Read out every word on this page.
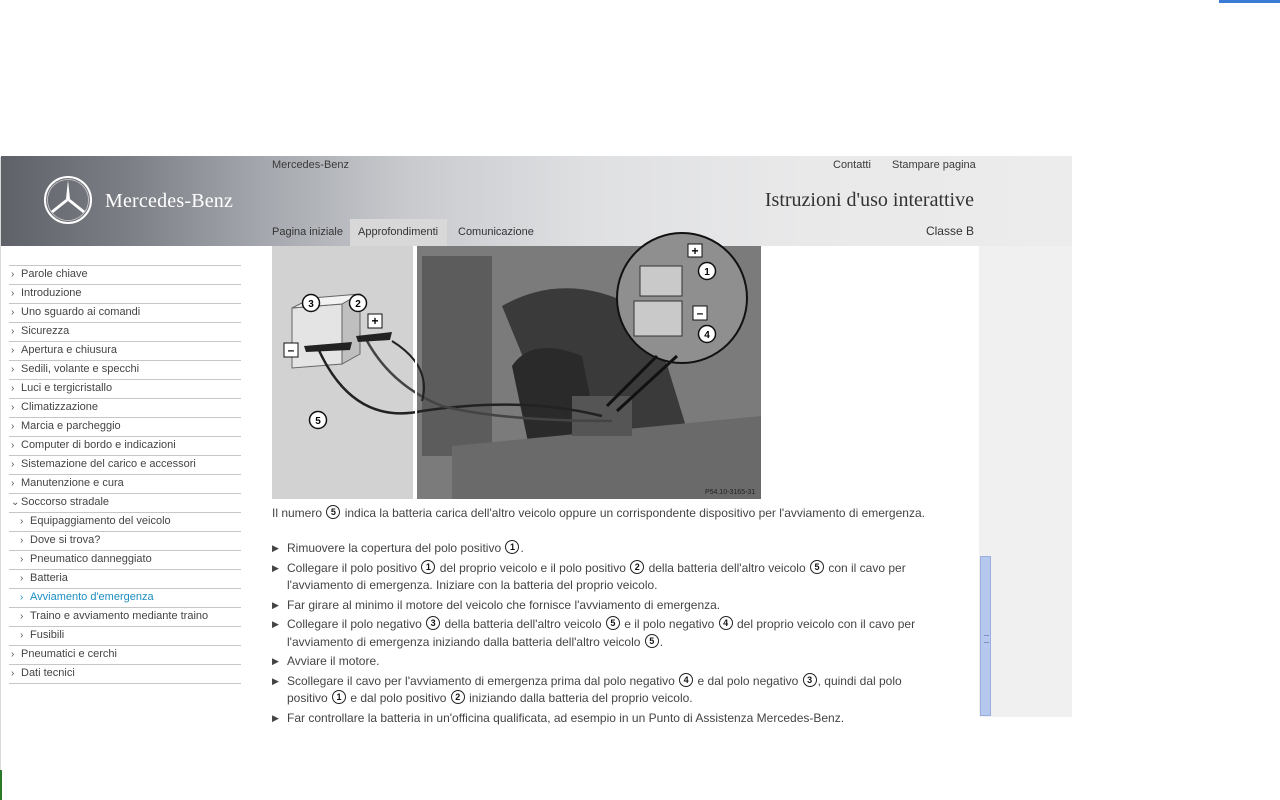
Mercedes-Benz
Mercedes-Benz	Contatti Stampare pagina
Istruzioni d'uso interattive
Classe B
Pagina iniziale	Approfondimenti	Comunicazione
› Parole chiave
› Introduzione
› Uno sguardo ai comandi
› Sicurezza
› Apertura e chiusura
› Sedili, volante e specchi
› Luci e tergicristallo
› Climatizzazione
› Marcia e parcheggio
› Computer di bordo e indicazioni
› Sistemazione del carico e accessori
› Manutenzione e cura
⌄ Soccorso stradale
› Equipaggiamento del veicolo
› Dove si trova?
› Pneumatico danneggiato
› Batteria
› Avviamento d'emergenza
› Traino e avviamento mediante traino
› Fusibili
› Pneumatici e cerchi
› Dati tecnici
P54.10-3165-31
1
2
3
4
5
+
–
+
–
Il numero 5 indica la batteria carica dell'altro veicolo oppure un corrispondente dispositivo per l'avviamento di emergenza.
▶ Rimuovere la copertura del polo positivo 1 .
▶ Collegare il polo positivo 1 del proprio veicolo e il polo positivo 2 della batteria dell'altro veicolo 5 con il cavo per l'avviamento di emergenza. Iniziare con la batteria del proprio veicolo.
▶ Far girare al minimo il motore del veicolo che fornisce l'avviamento di emergenza.
▶ Collegare il polo negativo 3 della batteria dell'altro veicolo 5 e il polo negativo 4 del proprio veicolo con il cavo per l'avviamento di emergenza iniziando dalla batteria dell'altro veicolo 5 .
▶ Avviare il motore.
▶ Scollegare il cavo per l'avviamento di emergenza prima dal polo negativo 4 e dal polo negativo 3 , quindi dal polo positivo 1 e dal polo positivo 2 iniziando dalla batteria del proprio veicolo.
▶ Far controllare la batteria in un'officina qualificata, ad esempio in un Punto di Assistenza Mercedes-Benz.
